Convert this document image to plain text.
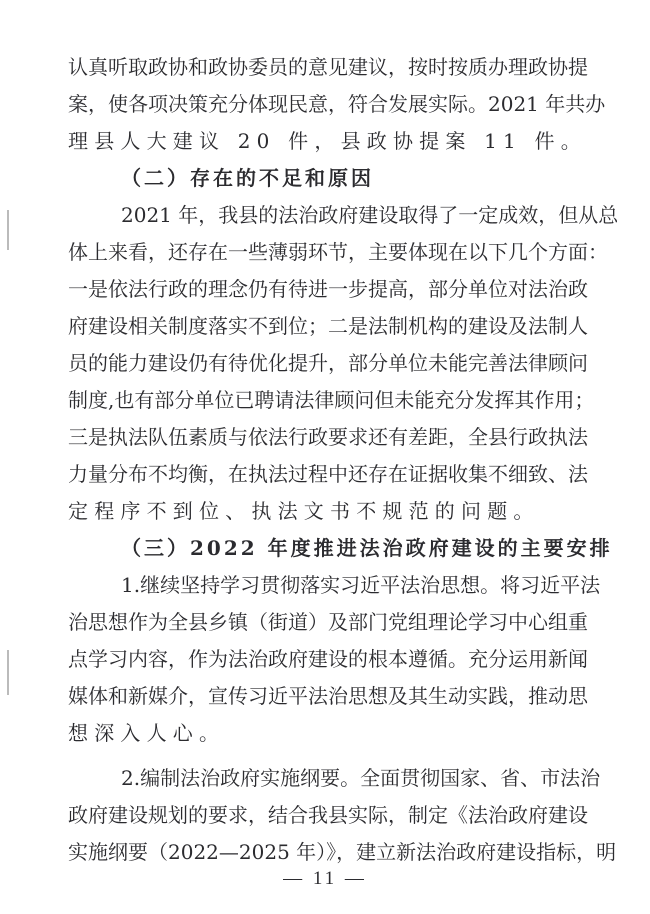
— 11 —
认真听取政协和政协委员的意见建议，按时按质办理政协提
案，使各项决策充分体现民意，符合发展实际。2021 年共办
理县人大建议 20 件，县政协提案 11 件。
（二）存在的不足和原因
2021 年，我县的法治政府建设取得了一定成效，但从总
体上来看，还存在一些薄弱环节，主要体现在以下几个方面：
一是依法行政的理念仍有待进一步提高，部分单位对法治政
府建设相关制度落实不到位；二是法制机构的建设及法制人
员的能力建设仍有待优化提升，部分单位未能完善法律顾问
制度,也有部分单位已聘请法律顾问但未能充分发挥其作用；
三是执法队伍素质与依法行政要求还有差距，全县行政执法
力量分布不均衡，在执法过程中还存在证据收集不细致、法
定程序不到位、执法文书不规范的问题。
（三）2022 年度推进法治政府建设的主要安排
1.继续坚持学习贯彻落实习近平法治思想。将习近平法
治思想作为全县乡镇（街道）及部门党组理论学习中心组重
点学习内容，作为法治政府建设的根本遵循。充分运用新闻
媒体和新媒介，宣传习近平法治思想及其生动实践，推动思
想深入人心。
2.编制法治政府实施纲要。全面贯彻国家、省、市法治
政府建设规划的要求，结合我县实际，制定《法治政府建设
实施纲要（2022—2025 年）》，建立新法治政府建设指标，明
